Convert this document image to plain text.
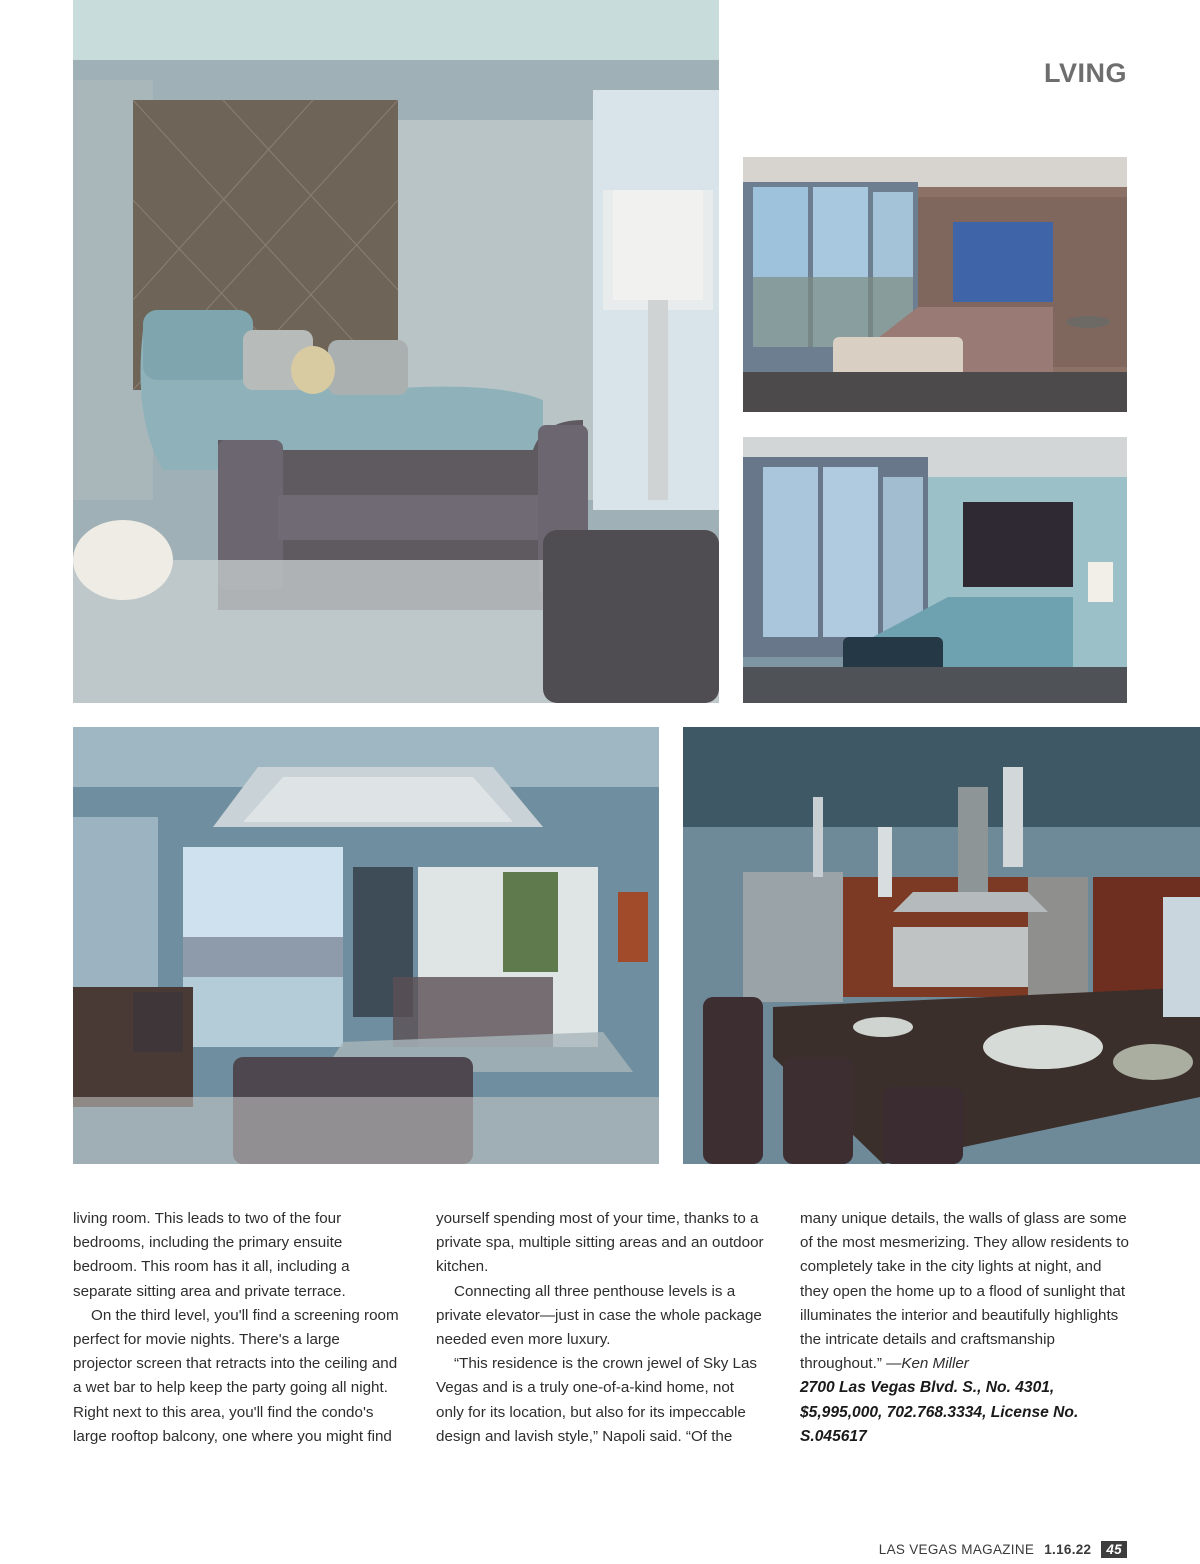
LVING

living room. This leads to two of the four bedrooms, including the primary ensuite bedroom. This room has it all, including a separate sitting area and private terrace.

On the third level, you'll find a screening room perfect for movie nights. There's a large projector screen that retracts into the ceiling and a wet bar to help keep the party going all night. Right next to this area, you'll find the condo's large rooftop balcony, one where you might find

yourself spending most of your time, thanks to a private spa, multiple sitting areas and an outdoor kitchen.

Connecting all three penthouse levels is a private elevator—just in case the whole package needed even more luxury.

“This residence is the crown jewel of Sky Las Vegas and is a truly one-of-a-kind home, not only for its location, but also for its impeccable design and lavish style,” Napoli said. “Of the

many unique details, the walls of glass are some of the most mesmerizing. They allow residents to completely take in the city lights at night, and they open the home up to a flood of sunlight that illuminates the interior and beautifully highlights the intricate details and craftsmanship throughout.” —Ken Miller

2700 Las Vegas Blvd. S., No. 4301, $5,995,000, 702.768.3334, License No. S.045617

LAS VEGAS MAGAZINE 1.16.22	45
